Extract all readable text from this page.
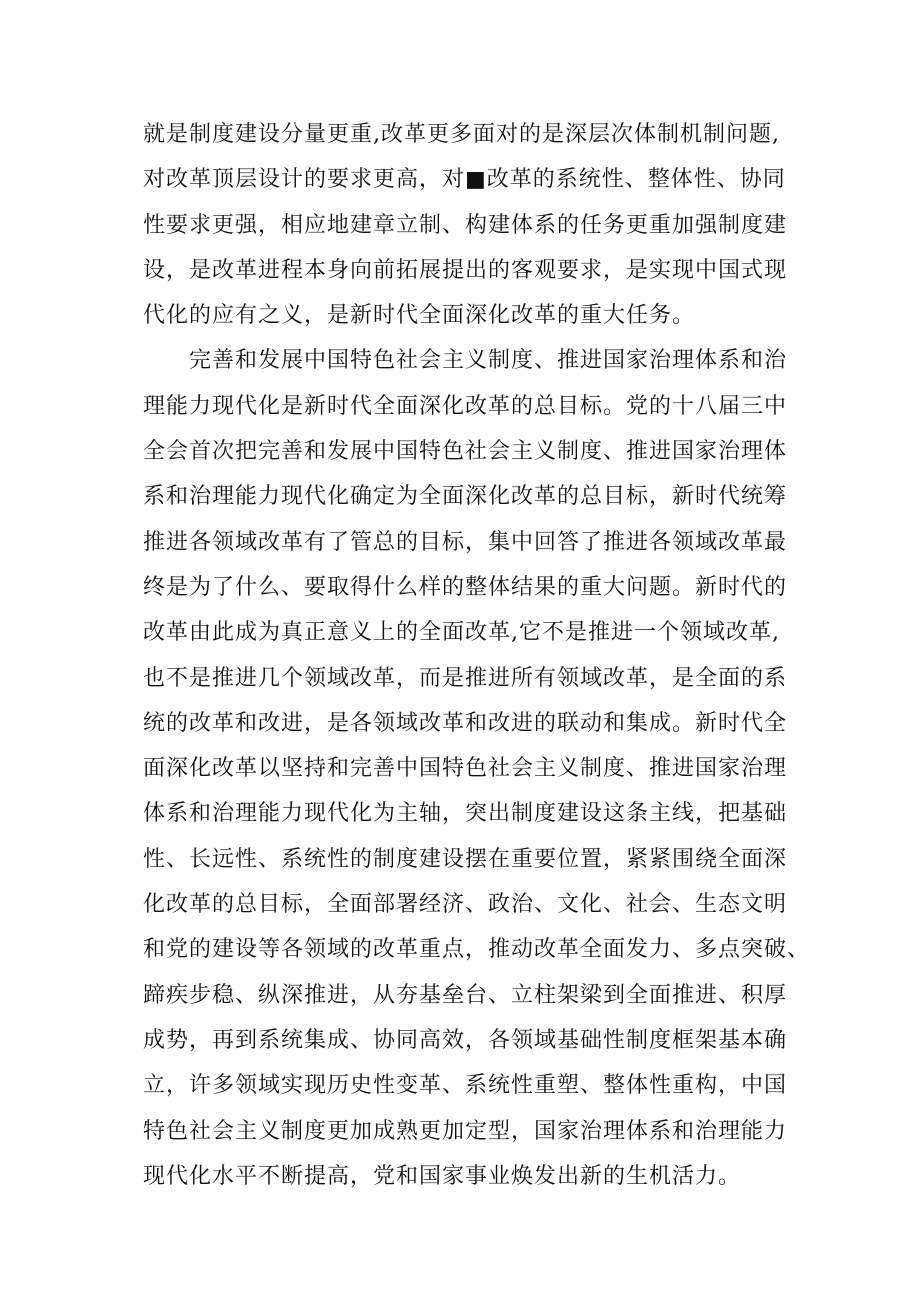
就是制度建设分量更重,改革更多面对的是深层次体制机制问题,
对改革顶层设计的要求更高，对■改革的系统性、整体性、协同
性要求更强，相应地建章立制、构建体系的任务更重加强制度建
设，是改革进程本身向前拓展提出的客观要求，是实现中国式现
代化的应有之义，是新时代全面深化改革的重大任务。
完善和发展中国特色社会主义制度、推进国家治理体系和治
理能力现代化是新时代全面深化改革的总目标。党的十八届三中
全会首次把完善和发展中国特色社会主义制度、推进国家治理体
系和治理能力现代化确定为全面深化改革的总目标，新时代统筹
推进各领域改革有了管总的目标，集中回答了推进各领域改革最
终是为了什么、要取得什么样的整体结果的重大问题。新时代的
改革由此成为真正意义上的全面改革,它不是推进一个领域改革,
也不是推进几个领域改革，而是推进所有领域改革，是全面的系
统的改革和改进，是各领域改革和改进的联动和集成。新时代全
面深化改革以坚持和完善中国特色社会主义制度、推进国家治理
体系和治理能力现代化为主轴，突出制度建设这条主线，把基础
性、长远性、系统性的制度建设摆在重要位置，紧紧围绕全面深
化改革的总目标，全面部署经济、政治、文化、社会、生态文明
和党的建设等各领域的改革重点，推动改革全面发力、多点突破、
蹄疾步稳、纵深推进，从夯基垒台、立柱架梁到全面推进、积厚
成势，再到系统集成、协同高效，各领域基础性制度框架基本确
立，许多领域实现历史性变革、系统性重塑、整体性重构，中国
特色社会主义制度更加成熟更加定型，国家治理体系和治理能力
现代化水平不断提高，党和国家事业焕发出新的生机活力。
